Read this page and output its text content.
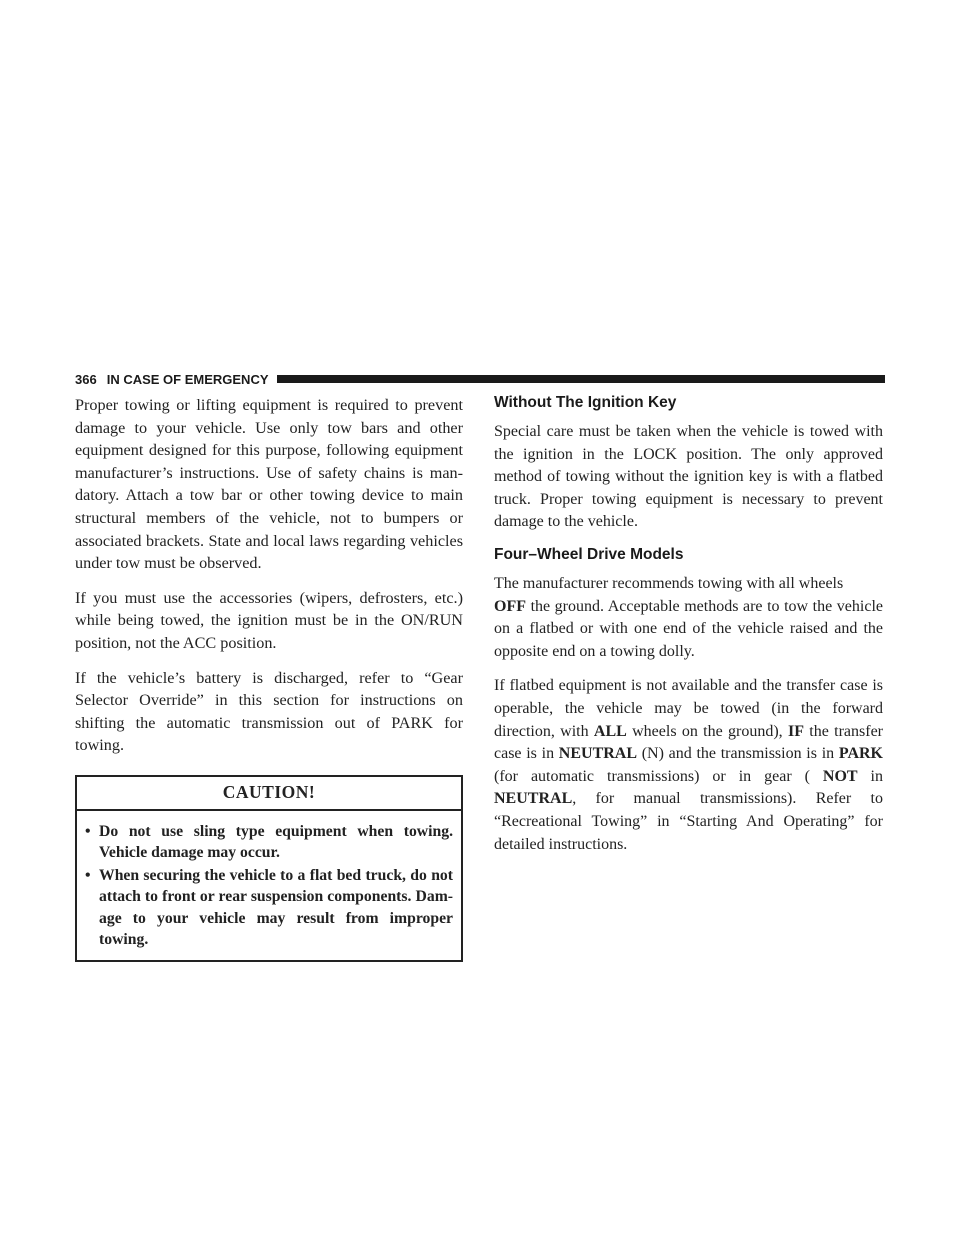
366 IN CASE OF EMERGENCY

Proper towing or lifting equipment is required to prevent damage to your vehicle. Use only tow bars and other equipment designed for this purpose, following equipment manufacturer’s instructions. Use of safety chains is mandatory. Attach a tow bar or other towing device to main structural members of the vehicle, not to bumpers or associated brackets. State and local laws regarding vehicles under tow must be observed.

If you must use the accessories (wipers, defrosters, etc.) while being towed, the ignition must be in the ON/RUN position, not the ACC position.

If the vehicle’s battery is discharged, refer to “Gear Selector Override” in this section for instructions on shifting the automatic transmission out of PARK for towing.

CAUTION!
• Do not use sling type equipment when towing. Vehicle damage may occur.
• When securing the vehicle to a flat bed truck, do not attach to front or rear suspension components. Damage to your vehicle may result from improper towing.
Without The Ignition Key

Special care must be taken when the vehicle is towed with the ignition in the LOCK position. The only approved method of towing without the ignition key is with a flatbed truck. Proper towing equipment is necessary to prevent damage to the vehicle.

Four–Wheel Drive Models

The manufacturer recommends towing with all wheels
OFF the ground. Acceptable methods are to tow the vehicle on a flatbed or with one end of the vehicle raised and the opposite end on a towing dolly.

If flatbed equipment is not available and the transfer case is operable, the vehicle may be towed (in the forward direction, with ALL wheels on the ground), IF the transfer case is in NEUTRAL (N) and the transmission is in PARK (for automatic transmissions) or in gear ( NOT in NEUTRAL, for manual transmissions). Refer to “Recreational Towing” in “Starting And Operating” for detailed instructions.
